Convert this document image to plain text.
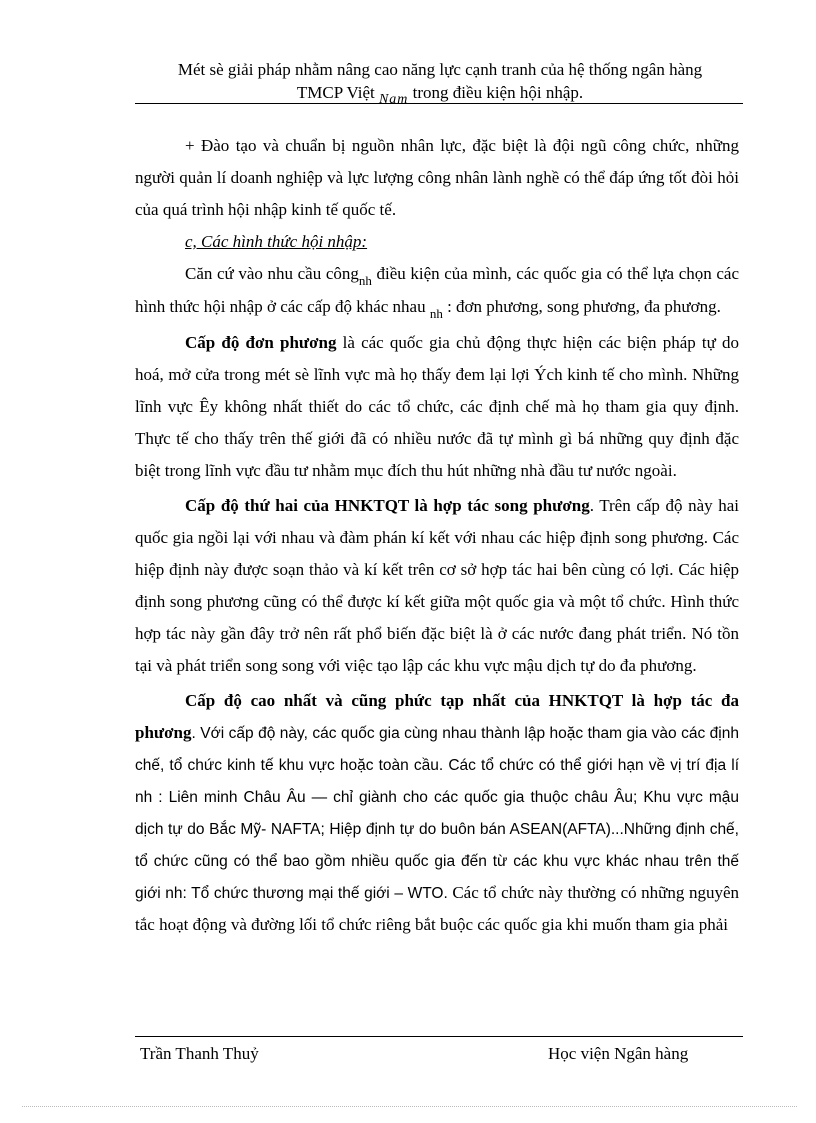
Mét sè giải pháp nhằm nâng cao năng lực cạnh tranh của hệ thống ngân hàng
TMCP Việt $_{Nam}$ trong điều kiện hội nhập.

+ Đào tạo và chuẩn bị nguồn nhân lực, đặc biệt là đội ngũ công chức, những người quản lí doanh nghiệp và lực lượng công nhân lành nghề có thể đáp ứng tốt đòi hỏi của quá trình hội nhập kinh tế quốc tế.

c, Các hình thức hội nhập:

Căn cứ vào nhu cầu công$_{nh}$ điều kiện của mình, các quốc gia có thể lựa chọn các hình thức hội nhập ở các cấp độ khác nhau $_{nh}$ : đơn phương, song phương, đa phương.

Cấp độ đơn phương là các quốc gia chủ động thực hiện các biện pháp tự do hoá, mở cửa trong mét sè lĩnh vực mà họ thấy đem lại lợi Ých kinh tế cho mình. Những lĩnh vực Êy không nhất thiết do các tổ chức, các định chế mà họ tham gia quy định. Thực tế cho thấy trên thế giới đã có nhiều nước đã tự mình gì bá những quy định đặc biệt trong lĩnh vực đầu tư nhằm mục đích thu hút những nhà đầu tư nước ngoài.

Cấp độ thứ hai của HNKTQT là hợp tác song phương. Trên cấp độ này hai quốc gia ngồi lại với nhau và đàm phán kí kết với nhau các hiệp định song phương. Các hiệp định này được soạn thảo và kí kết trên cơ sở hợp tác hai bên cùng có lợi. Các hiệp định song phương cũng có thể được kí kết giữa một quốc gia và một tổ chức. Hình thức hợp tác này gần đây trở nên rất phổ biến đặc biệt là ở các nước đang phát triển. Nó tồn tại và phát triển song song với việc tạo lập các khu vực mậu dịch tự do đa phương.

Cấp độ cao nhất và cũng phức tạp nhất của HNKTQT là hợp tác đa phương. Với cấp độ này, các quốc gia cùng nhau thành lập hoặc tham gia vào các định chế, tổ chức kinh tế khu vực hoặc toàn cầu. Các tổ chức có thể giới hạn về vị trí địa lí nh : Liên minh Châu Âu — chỉ giành cho các quốc gia thuộc châu Âu; Khu vực mậu dịch tự do Bắc Mỹ- NAFTA; Hiệp định tự do buôn bán ASEAN(AFTA)...Những định chế, tổ chức cũng có thể bao gồm nhiều quốc gia đến từ các khu vực khác nhau trên thế giới nh: Tổ chức thương mại thế giới – WTO. Các tổ chức này thường có những nguyên tắc hoạt động và đường lối tổ chức riêng bắt buộc các quốc gia khi muốn tham gia phải

Trần Thanh Thuỷ	Học viện Ngân hàng
